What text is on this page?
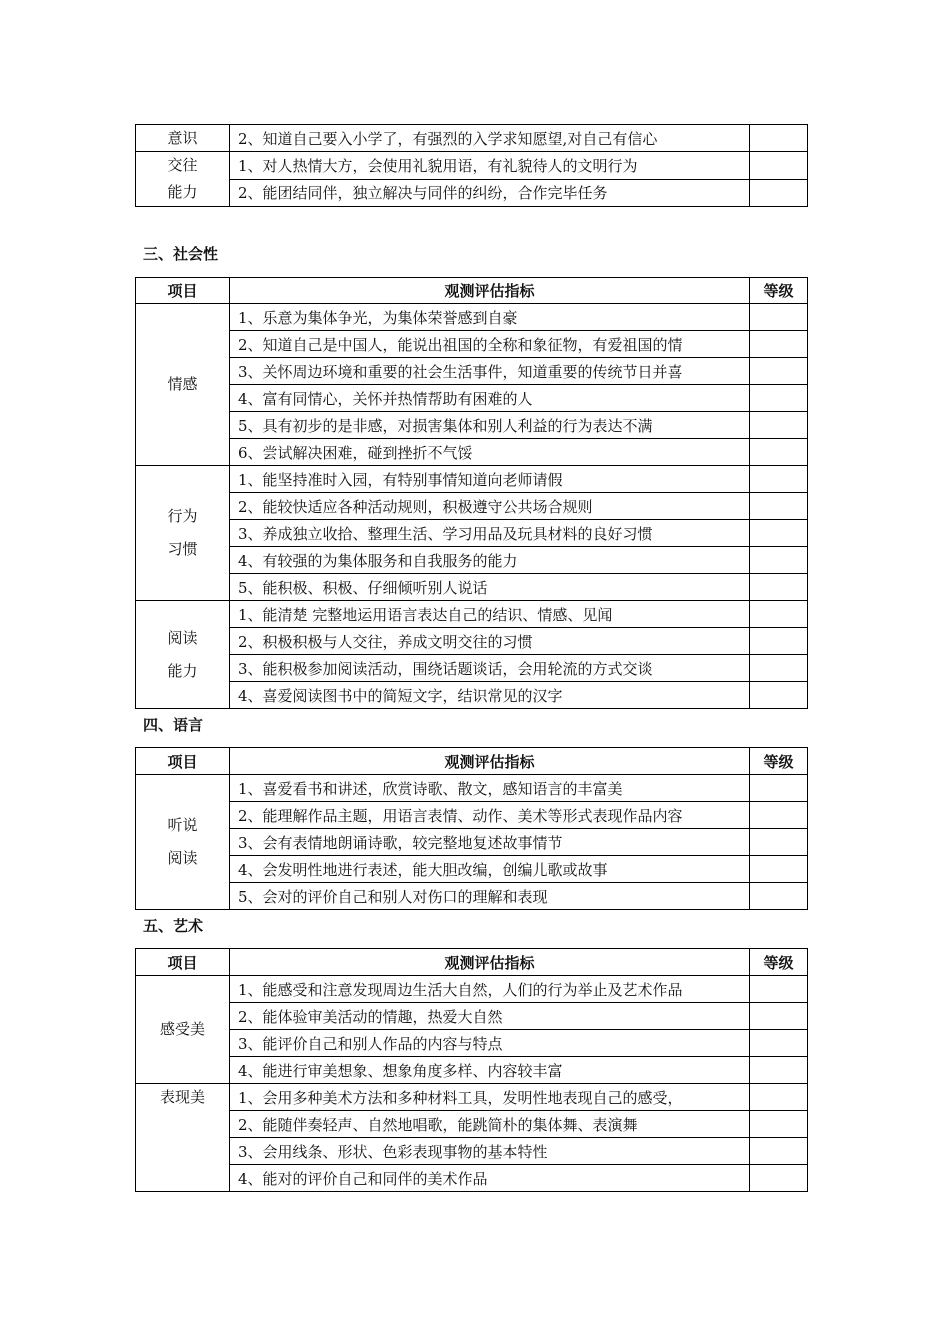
意识	2、知道自己要入小学了，有强烈的入学求知愿望,对自己有信心	

交往
能力	1、对人热情大方，会使用礼貌用语，有礼貌待人的文明行为	
	2、能团结同伴，独立解决与同伴的纠纷，合作完毕任务	
三、社会性
项目	观测评估指标	等级

情感	1、乐意为集体争光，为集体荣誉感到自豪	
	2、知道自己是中国人，能说出祖国的全称和象征物，有爱祖国的情	
	3、关怀周边环境和重要的社会生活事件，知道重要的传统节日并喜	
	4、富有同情心，关怀并热情帮助有困难的人	
	5、具有初步的是非感，对损害集体和别人利益的行为表达不满	
	6、尝试解决困难，碰到挫折不气馁	

行为
习惯	1、能坚持准时入园，有特别事情知道向老师请假	
	2、能较快适应各种活动规则，积极遵守公共场合规则	
	3、养成独立收拾、整理生活、学习用品及玩具材料的良好习惯	
	4、有较强的为集体服务和自我服务的能力	
	5、能积极、积极、仔细倾听别人说话	

阅读
能力	1、能清楚 完整地运用语言表达自己的结识、情感、见闻	
	2、积极积极与人交往，养成文明交往的习惯	
	3、能积极参加阅读活动，围绕话题谈话，会用轮流的方式交谈	
	4、喜爱阅读图书中的简短文字，结识常见的汉字	
四、语言
项目	观测评估指标	等级

听说
阅读	1、喜爱看书和讲述，欣赏诗歌、散文，感知语言的丰富美	
	2、能理解作品主题，用语言表情、动作、美术等形式表现作品内容	
	3、会有表情地朗诵诗歌，较完整地复述故事情节	
	4、会发明性地进行表述，能大胆改编，创编儿歌或故事	
	5、会对的评价自己和别人对伤口的理解和表现	
五、艺术
项目	观测评估指标	等级

感受美	1、能感受和注意发现周边生活大自然，人们的行为举止及艺术作品	
	2、能体验审美活动的情趣，热爱大自然	
	3、能评价自己和别人作品的内容与特点	
	4、能进行审美想象、想象角度多样、内容较丰富	

表现美	1、会用多种美术方法和多种材料工具，发明性地表现自己的感受，	
	2、能随伴奏轻声、自然地唱歌，能跳简朴的集体舞、表演舞	
	3、会用线条、形状、色彩表现事物的基本特性	
	4、能对的评价自己和同伴的美术作品	
